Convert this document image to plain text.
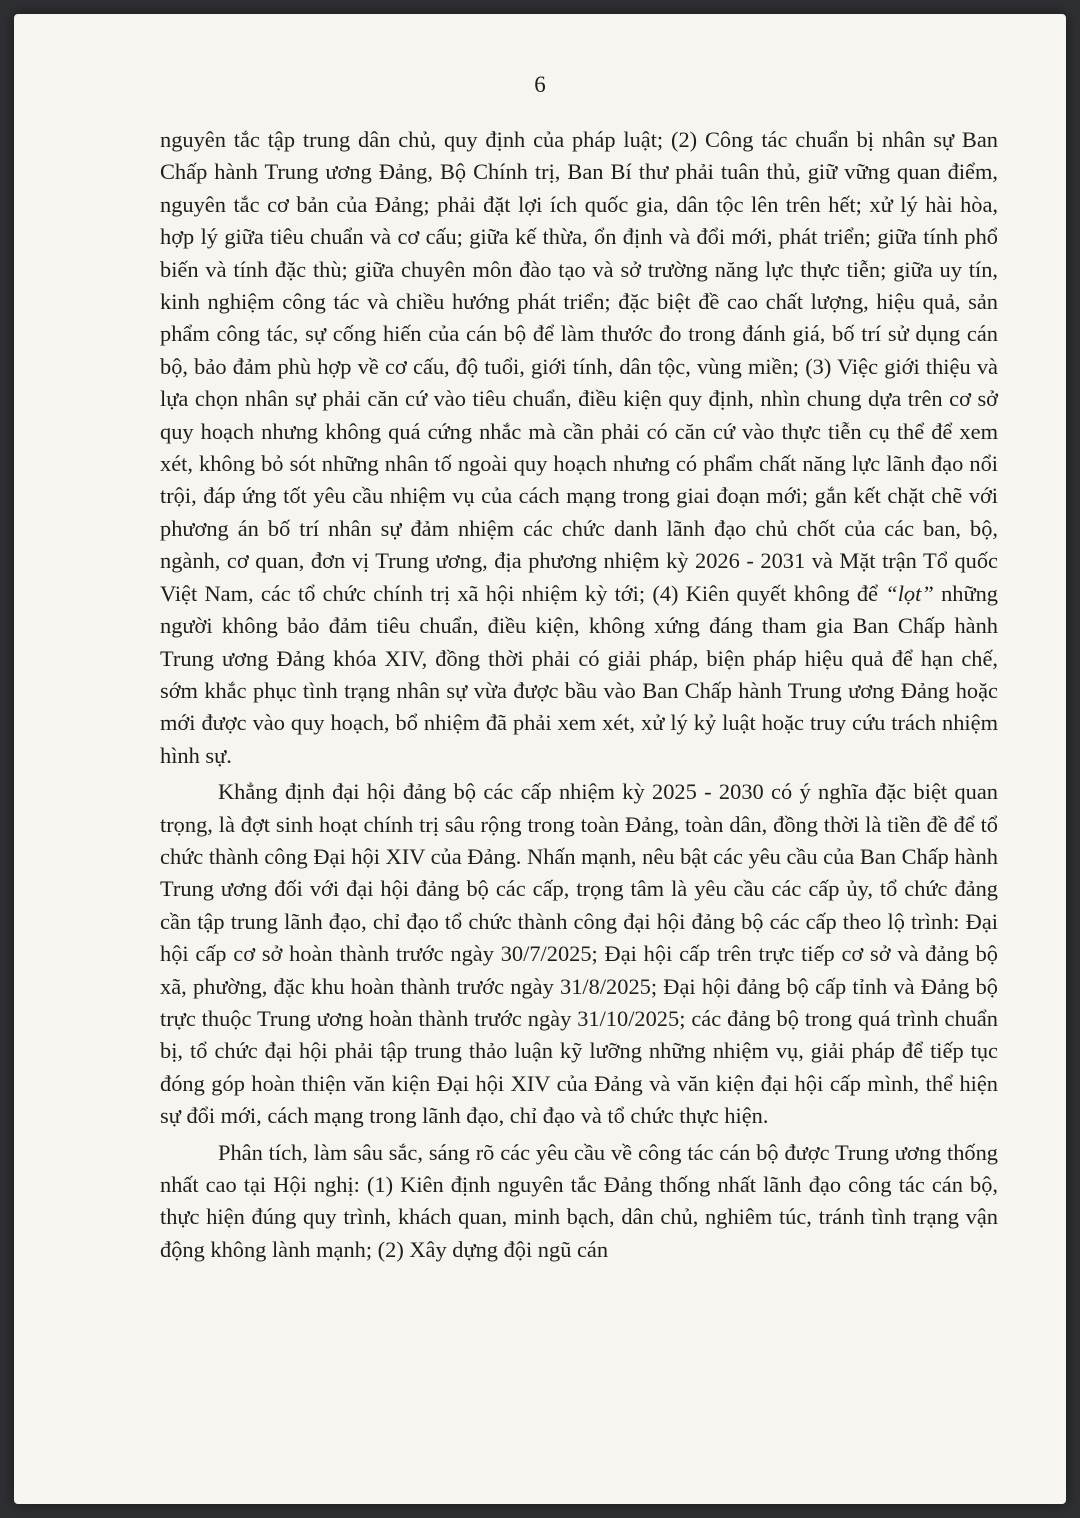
6

nguyên tắc tập trung dân chủ, quy định của pháp luật; (2) Công tác chuẩn bị nhân sự Ban Chấp hành Trung ương Đảng, Bộ Chính trị, Ban Bí thư phải tuân thủ, giữ vững quan điểm, nguyên tắc cơ bản của Đảng; phải đặt lợi ích quốc gia, dân tộc lên trên hết; xử lý hài hòa, hợp lý giữa tiêu chuẩn và cơ cấu; giữa kế thừa, ổn định và đổi mới, phát triển; giữa tính phổ biến và tính đặc thù; giữa chuyên môn đào tạo và sở trường năng lực thực tiễn; giữa uy tín, kinh nghiệm công tác và chiều hướng phát triển; đặc biệt đề cao chất lượng, hiệu quả, sản phẩm công tác, sự cống hiến của cán bộ để làm thước đo trong đánh giá, bố trí sử dụng cán bộ, bảo đảm phù hợp về cơ cấu, độ tuổi, giới tính, dân tộc, vùng miền; (3) Việc giới thiệu và lựa chọn nhân sự phải căn cứ vào tiêu chuẩn, điều kiện quy định, nhìn chung dựa trên cơ sở quy hoạch nhưng không quá cứng nhắc mà cần phải có căn cứ vào thực tiễn cụ thể để xem xét, không bỏ sót những nhân tố ngoài quy hoạch nhưng có phẩm chất năng lực lãnh đạo nổi trội, đáp ứng tốt yêu cầu nhiệm vụ của cách mạng trong giai đoạn mới; gắn kết chặt chẽ với phương án bố trí nhân sự đảm nhiệm các chức danh lãnh đạo chủ chốt của các ban, bộ, ngành, cơ quan, đơn vị Trung ương, địa phương nhiệm kỳ 2026 - 2031 và Mặt trận Tổ quốc Việt Nam, các tổ chức chính trị xã hội nhiệm kỳ tới; (4) Kiên quyết không để “lọt” những người không bảo đảm tiêu chuẩn, điều kiện, không xứng đáng tham gia Ban Chấp hành Trung ương Đảng khóa XIV, đồng thời phải có giải pháp, biện pháp hiệu quả để hạn chế, sớm khắc phục tình trạng nhân sự vừa được bầu vào Ban Chấp hành Trung ương Đảng hoặc mới được vào quy hoạch, bổ nhiệm đã phải xem xét, xử lý kỷ luật hoặc truy cứu trách nhiệm hình sự.

Khẳng định đại hội đảng bộ các cấp nhiệm kỳ 2025 - 2030 có ý nghĩa đặc biệt quan trọng, là đợt sinh hoạt chính trị sâu rộng trong toàn Đảng, toàn dân, đồng thời là tiền đề để tổ chức thành công Đại hội XIV của Đảng. Nhấn mạnh, nêu bật các yêu cầu của Ban Chấp hành Trung ương đối với đại hội đảng bộ các cấp, trọng tâm là yêu cầu các cấp ủy, tổ chức đảng cần tập trung lãnh đạo, chỉ đạo tổ chức thành công đại hội đảng bộ các cấp theo lộ trình: Đại hội cấp cơ sở hoàn thành trước ngày 30/7/2025; Đại hội cấp trên trực tiếp cơ sở và đảng bộ xã, phường, đặc khu hoàn thành trước ngày 31/8/2025; Đại hội đảng bộ cấp tỉnh và Đảng bộ trực thuộc Trung ương hoàn thành trước ngày 31/10/2025; các đảng bộ trong quá trình chuẩn bị, tổ chức đại hội phải tập trung thảo luận kỹ lưỡng những nhiệm vụ, giải pháp để tiếp tục đóng góp hoàn thiện văn kiện Đại hội XIV của Đảng và văn kiện đại hội cấp mình, thể hiện sự đổi mới, cách mạng trong lãnh đạo, chỉ đạo và tổ chức thực hiện.

Phân tích, làm sâu sắc, sáng rõ các yêu cầu về công tác cán bộ được Trung ương thống nhất cao tại Hội nghị: (1) Kiên định nguyên tắc Đảng thống nhất lãnh đạo công tác cán bộ, thực hiện đúng quy trình, khách quan, minh bạch, dân chủ, nghiêm túc, tránh tình trạng vận động không lành mạnh; (2) Xây dựng đội ngũ cán
